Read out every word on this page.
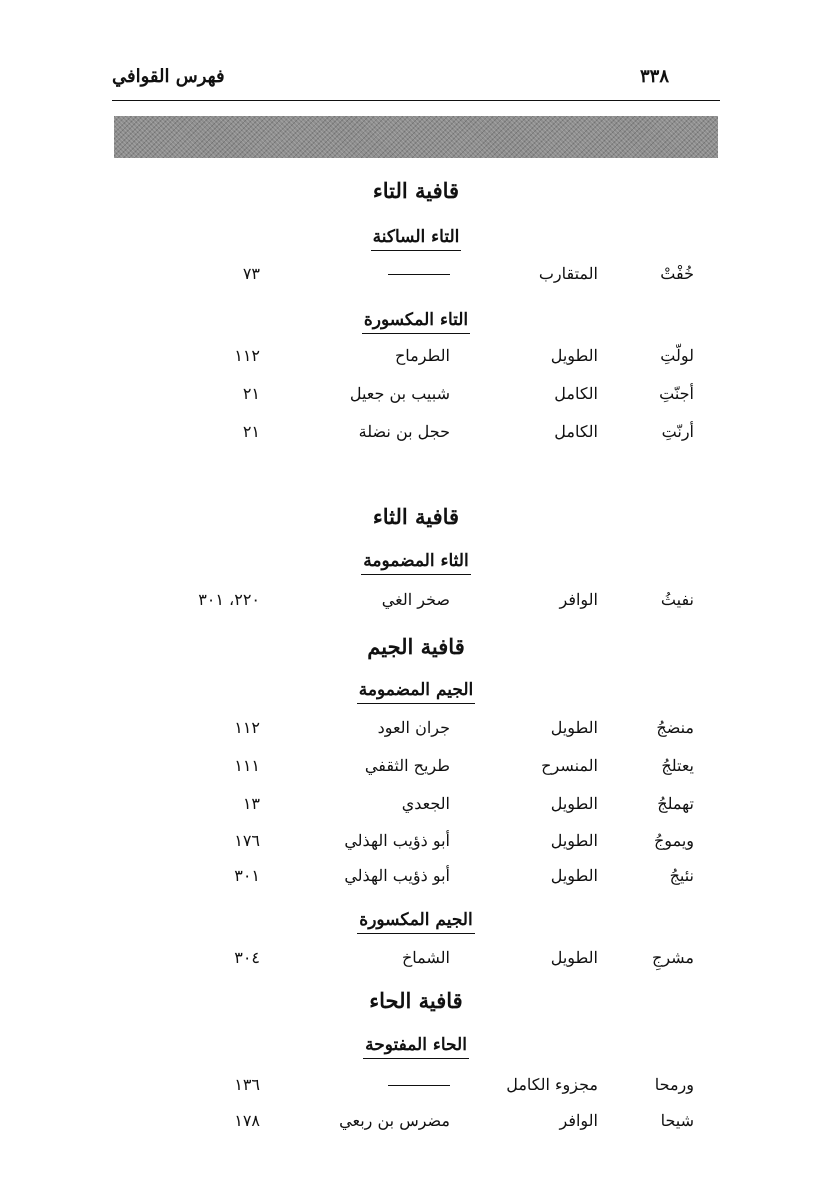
٣٣٨
فهرس القوافي
قافية التاء
التاء الساكنة
خُفْتْ
المتقارب
٧٣
التاء المكسورة
لولّتِ
الطويل
الطرماح
١١٢
أجنّتِ
الكامل
شبيب بن جعيل
٢١
أرنّتِ
الكامل
حجل بن نضلة
٢١
قافية الثاء
الثاء المضمومة
نفيثُ
الوافر
صخر الغي
٢٢٠، ٣٠١
قافية الجيم
الجيم المضمومة
منضجُ
الطويل
جران العود
١١٢
يعتلجُ
المنسرح
طريح الثقفي
١١١
تهملجُ
الطويل
الجعدي
١٣
ويموجُ
الطويل
أبو ذؤيب الهذلي
١٧٦
نئيجُ
الطويل
أبو ذؤيب الهذلي
٣٠١
الجيم المكسورة
مشرجِ
الطويل
الشماخ
٣٠٤
قافية الحاء
الحاء المفتوحة
ورمحا
مجزوء الكامل
١٣٦
شيحا
الوافر
مضرس بن ربعي
١٧٨
